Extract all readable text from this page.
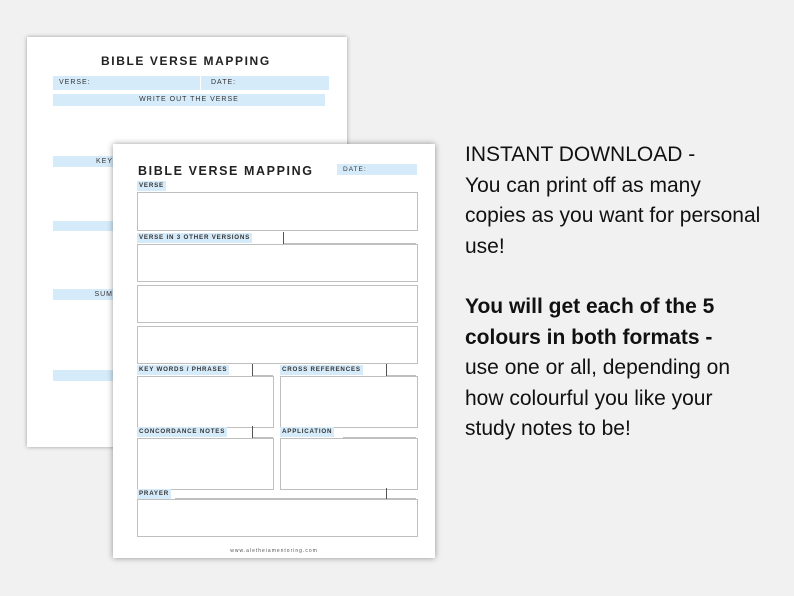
BIBLE VERSE MAPPING
VERSE:	DATE:
WRITE OUT THE VERSE
KEY
SUM
BIBLE VERSE MAPPING	DATE:
VERSE
VERSE IN 3 OTHER VERSIONS
KEY WORDS / PHRASES	CROSS REFERENCES
CONCORDANCE NOTES	APPLICATION
PRAYER
www.aletheiamentoring.com

INSTANT DOWNLOAD -

You can print off as many copies as you want for personal use!

You will get each of the 5 colours in both formats -
use one or all, depending on how colourful you like your study notes to be!
